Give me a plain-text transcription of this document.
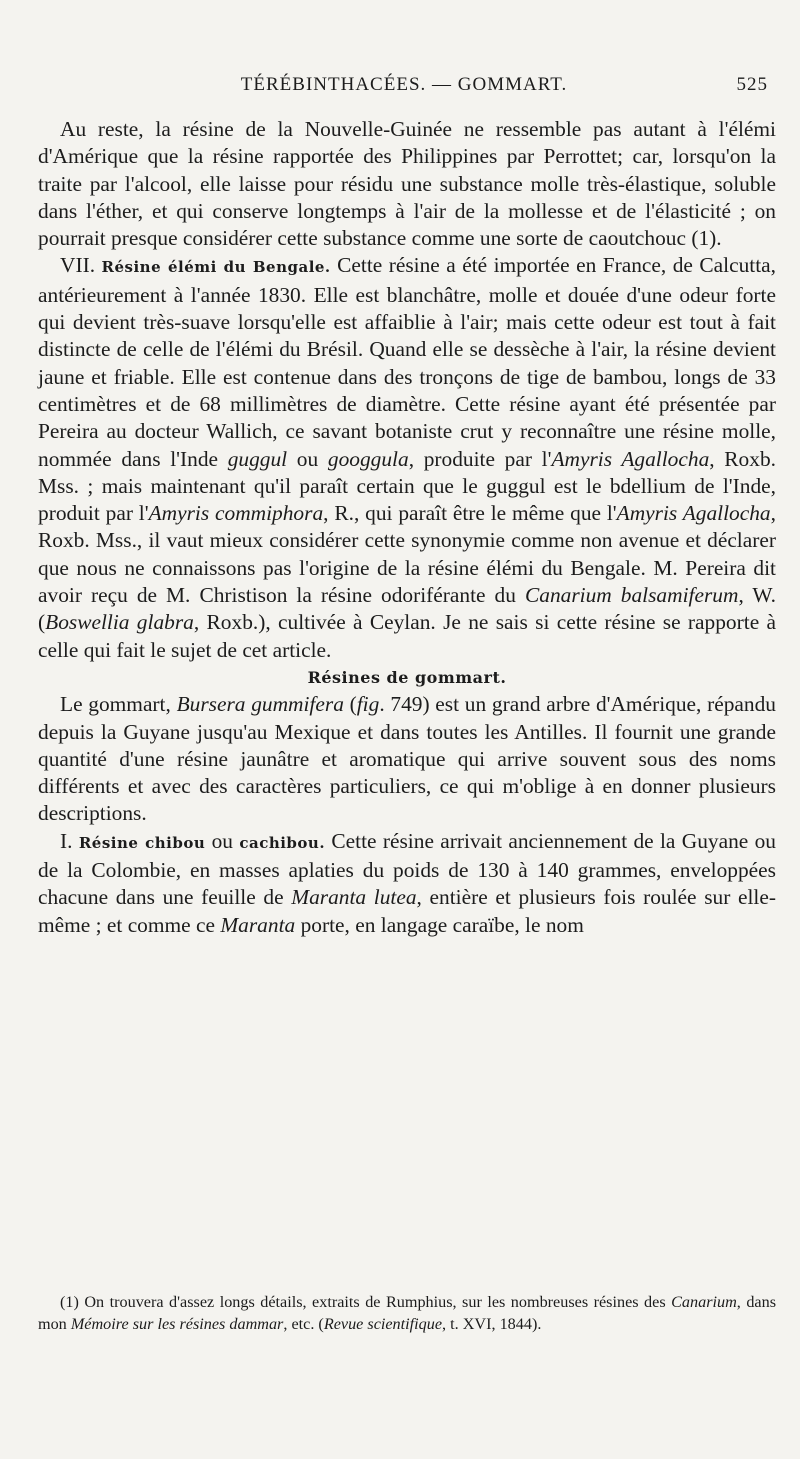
TÉRÉBINTHACÉES. — GOMMART.	525

Au reste, la résine de la Nouvelle-Guinée ne ressemble pas autant à l'élémi d'Amérique que la résine rapportée des Philippines par Perrottet; car, lorsqu'on la traite par l'alcool, elle laisse pour résidu une substance molle très-élastique, soluble dans l'éther, et qui conserve longtemps à l'air de la mollesse et de l'élasticité ; on pourrait presque considérer cette substance comme une sorte de caoutchouc (1).

VII. Résine élémi du Bengale. Cette résine a été importée en France, de Calcutta, antérieurement à l'année 1830. Elle est blanchâtre, molle et douée d'une odeur forte qui devient très-suave lorsqu'elle est affaiblie à l'air; mais cette odeur est tout à fait distincte de celle de l'élémi du Brésil. Quand elle se dessèche à l'air, la résine devient jaune et friable. Elle est contenue dans des tronçons de tige de bambou, longs de 33 centimètres et de 68 millimètres de diamètre. Cette résine ayant été présentée par Pereira au docteur Wallich, ce savant botaniste crut y reconnaître une résine molle, nommée dans l'Inde guggul ou googgula, produite par l'Amyris Agallocha, Roxb. Mss. ; mais maintenant qu'il paraît certain que le guggul est le bdellium de l'Inde, produit par l'Amyris commiphora, R., qui paraît être le même que l'Amyris Agallocha, Roxb. Mss., il vaut mieux considérer cette synonymie comme non avenue et déclarer que nous ne connaissons pas l'origine de la résine élémi du Bengale. M. Pereira dit avoir reçu de M. Christison la résine odoriférante du Canarium balsamiferum, W. (Boswellia glabra, Roxb.), cultivée à Ceylan. Je ne sais si cette résine se rapporte à celle qui fait le sujet de cet article.

Résines de gommart.

Le gommart, Bursera gummifera (fig. 749) est un grand arbre d'Amérique, répandu depuis la Guyane jusqu'au Mexique et dans toutes les Antilles. Il fournit une grande quantité d'une résine jaunâtre et aromatique qui arrive souvent sous des noms différents et avec des caractères particuliers, ce qui m'oblige à en donner plusieurs descriptions.

I. Résine chibou ou cachibou. Cette résine arrivait anciennement de la Guyane ou de la Colombie, en masses aplaties du poids de 130 à 140 grammes, enveloppées chacune dans une feuille de Maranta lutea, entière et plusieurs fois roulée sur elle-même ; et comme ce Maranta porte, en langage caraïbe, le nom

(1) On trouvera d'assez longs détails, extraits de Rumphius, sur les nombreuses résines des Canarium, dans mon Mémoire sur les résines dammar, etc. (Revue scientifique, t. XVI, 1844).
